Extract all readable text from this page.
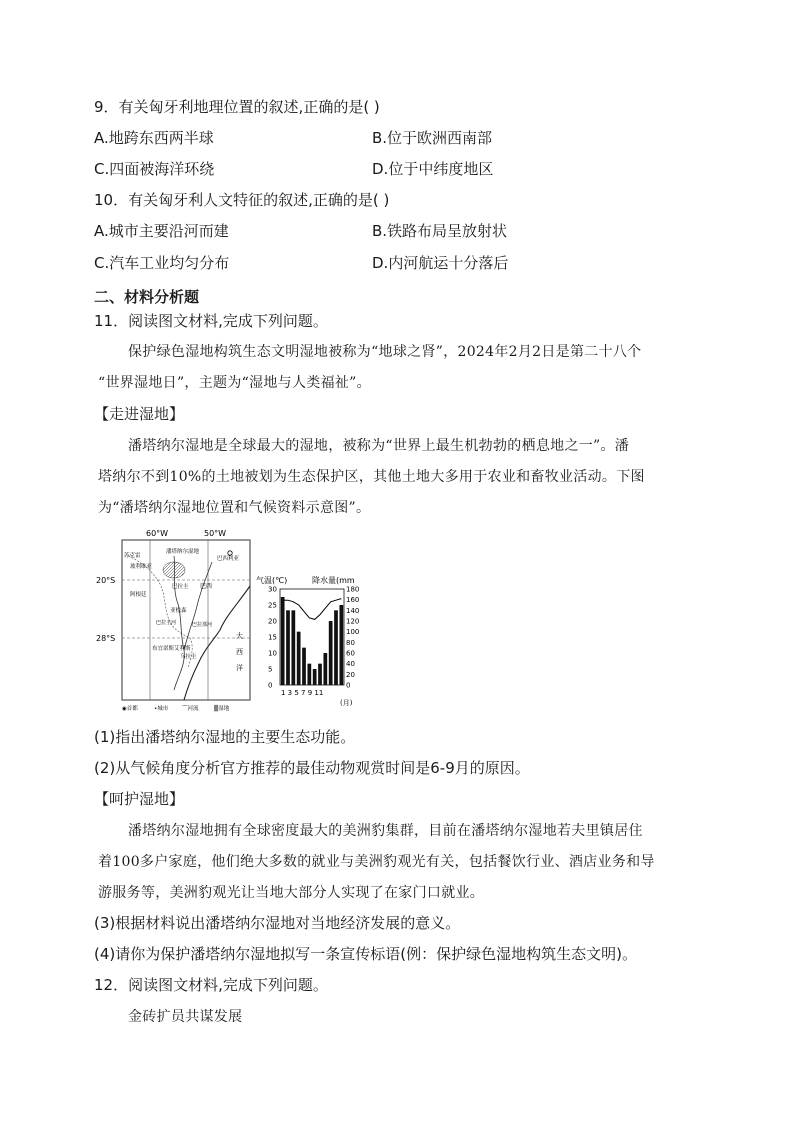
9．有关匈牙利地理位置的叙述,正确的是( )
A.地跨东西两半球	B.位于欧洲西南部
C.四面被海洋环绕	D.位于中纬度地区
10．有关匈牙利人文特征的叙述,正确的是( )
A.城市主要沿河而建	B.铁路布局呈放射状
C.汽车工业均匀分布	D.内河航运十分落后
二、材料分析题
11．阅读图文材料,完成下列问题。
保护绿色湿地构筑生态文明湿地被称为“地球之肾”，2024年2月2日是第二十八个
“世界湿地日”，主题为“湿地与人类福祉”。
【走进湿地】
潘塔纳尔湿地是全球最大的湿地，被称为“世界上最生机勃勃的栖息地之一”。潘
塔纳尔不到10%的土地被划为生态保护区，其他土地大多用于农业和畜牧业活动。下图
为“潘塔纳尔湿地位置和气候资料示意图”。
60°W	50°W
20°S
28°S
巴西利亚
潘塔纳尔湿地
苏克雷
玻利维亚
亚松森
巴西
巴拉圭
布宜诺斯艾利斯
阿根廷
乌拉圭
巴拉圭河	巴拉那河
大
西
洋
◉首都	•城市	⌒河流	▒湿地
气温(℃)	降水量(mm
30
25
20
15
10
5
0
180
160
140
120
100
80
60
40
20
0
1 3 5 7 9 11
(月)
(1)指出潘塔纳尔湿地的主要生态功能。
(2)从气候角度分析官方推荐的最佳动物观赏时间是6-9月的原因。
【呵护湿地】
潘塔纳尔湿地拥有全球密度最大的美洲豹集群，目前在潘塔纳尔湿地若夫里镇居住
着100多户家庭，他们绝大多数的就业与美洲豹观光有关，包括餐饮行业、酒店业务和导
游服务等，美洲豹观光让当地大部分人实现了在家门口就业。
(3)根据材料说出潘塔纳尔湿地对当地经济发展的意义。
(4)请你为保护潘塔纳尔湿地拟写一条宣传标语(例：保护绿色湿地构筑生态文明)。
12．阅读图文材料,完成下列问题。
金砖扩员共谋发展
